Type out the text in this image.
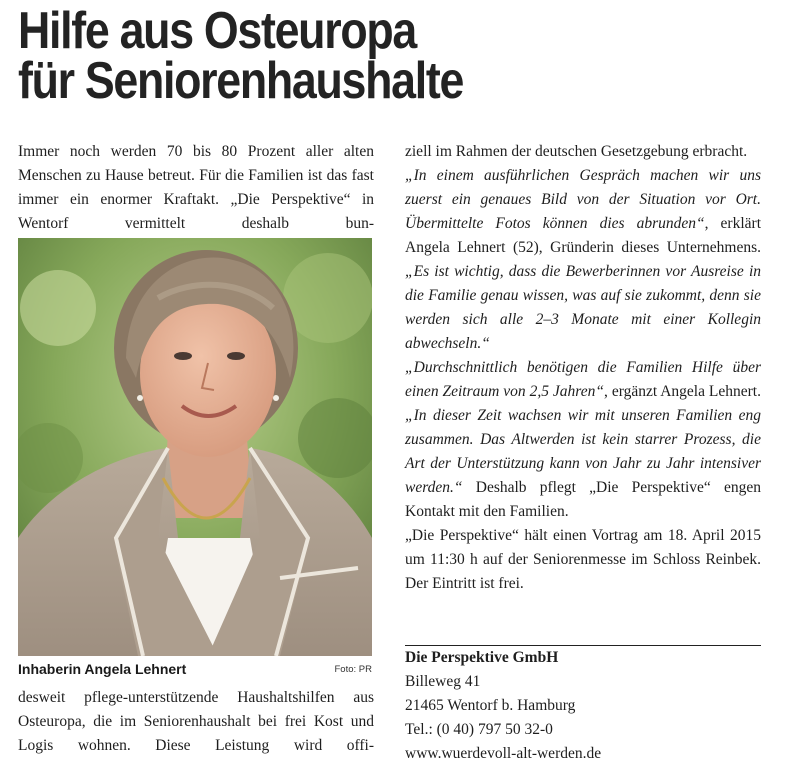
Hilfe aus Osteuropa
für Seniorenhaushalte

Immer noch werden 70 bis 80 Prozent aller alten Menschen zu Hause betreut. Für die Familien ist das fast immer ein enormer Kraftakt. „Die Perspektive“ in Wentorf vermittelt deshalb bun-

Inhaberin Angela Lehnert	Foto: PR

desweit pflege-unterstützende Haushaltshilfen aus Osteuropa, die im Seniorenhaushalt bei frei Kost und Logis wohnen. Diese Leistung wird offi-

ziell im Rahmen der deutschen Gesetzgebung erbracht.

„In einem ausführlichen Gespräch machen wir uns zuerst ein genaues Bild von der Situation vor Ort. Übermittelte Fotos können dies abrunden“, erklärt Angela Lehnert (52), Gründerin dieses Unternehmens. „Es ist wichtig, dass die Bewerberinnen vor Ausreise in die Familie genau wissen, was auf sie zukommt, denn sie werden sich alle 2–3 Monate mit einer Kollegin abwechseln.“

„Durchschnittlich benötigen die Familien Hilfe über einen Zeitraum von 2,5 Jahren“, ergänzt Angela Lehnert. „In dieser Zeit wachsen wir mit unseren Familien eng zusammen. Das Altwerden ist kein starrer Prozess, die Art der Unterstützung kann von Jahr zu Jahr intensiver werden.“ Deshalb pflegt „Die Perspektive“ engen Kontakt mit den Familien.

„Die Perspektive“ hält einen Vortrag am 18. April 2015 um 11:30 h auf der Seniorenmesse im Schloss Reinbek. Der Eintritt ist frei.

Die Perspektive GmbH
Billeweg 41
21465 Wentorf b. Hamburg
Tel.: (0 40) 797 50 32-0
www.wuerdevoll-alt-werden.de
